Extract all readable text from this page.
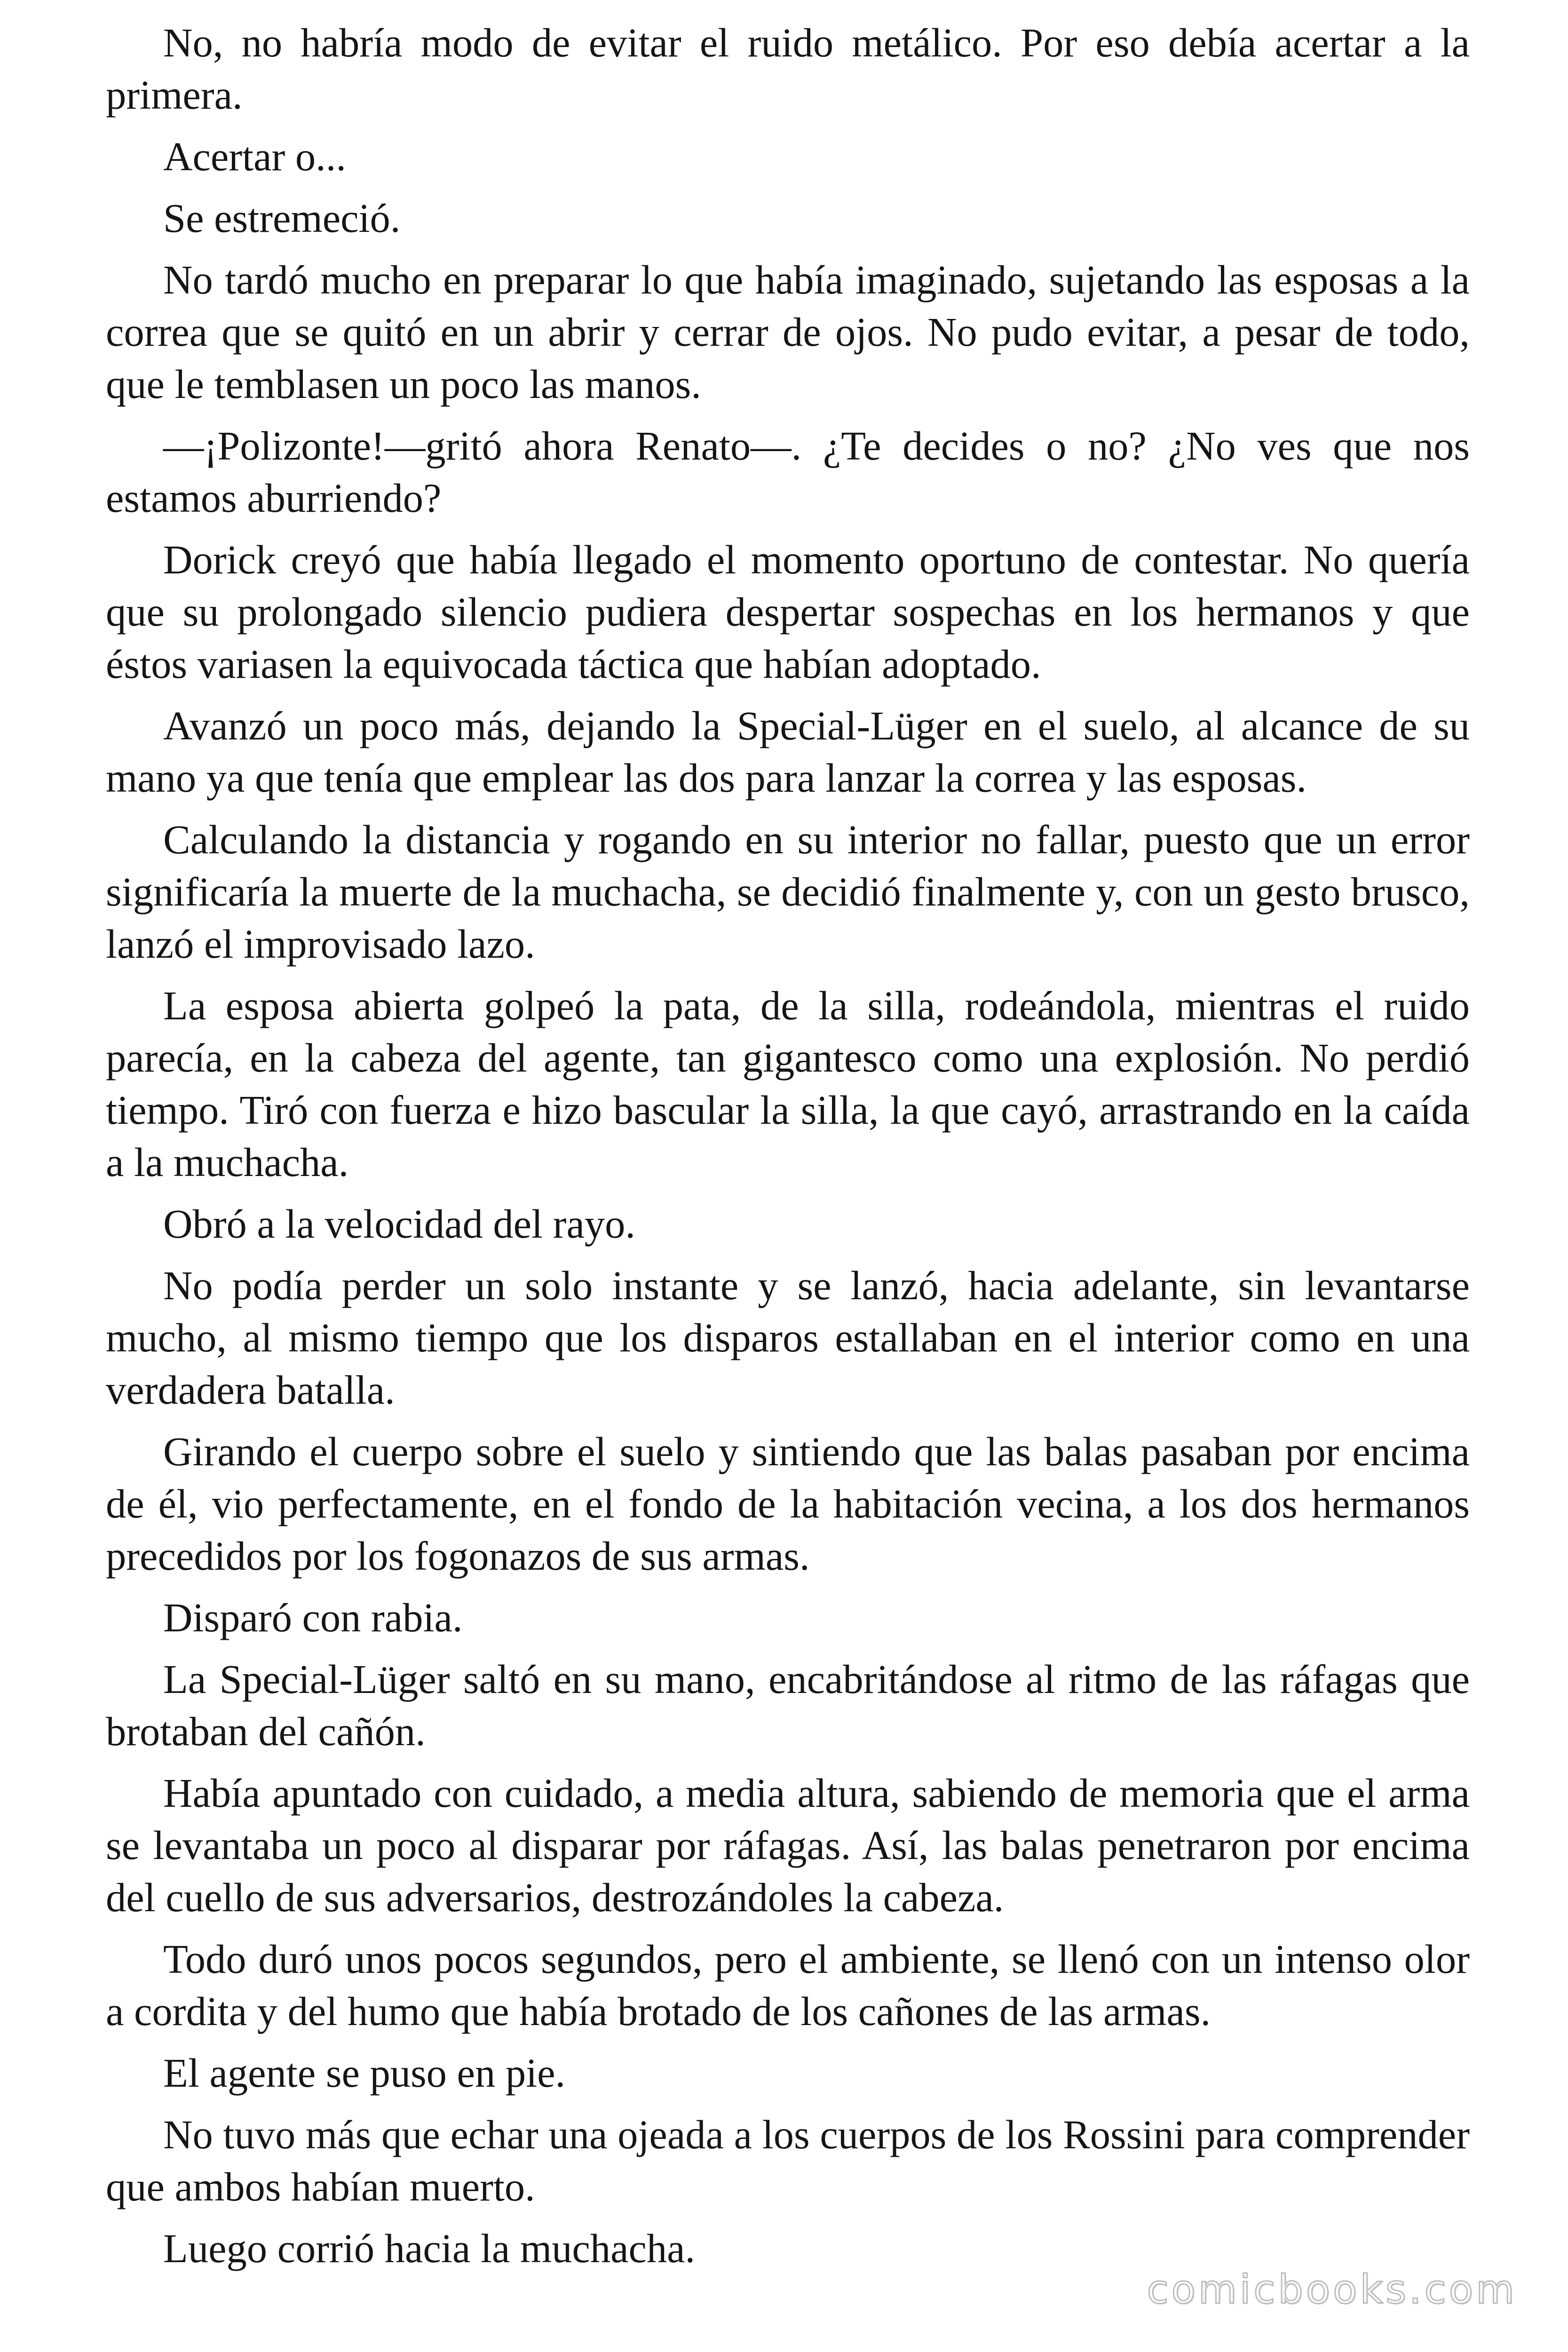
No, no habría modo de evitar el ruido metálico. Por eso debía acertar a la primera.

Acertar o...

Se estremeció.

No tardó mucho en preparar lo que había imaginado, sujetando las esposas a la correa que se quitó en un abrir y cerrar de ojos. No pudo evitar, a pesar de todo, que le temblasen un poco las manos.

—¡Polizonte!—gritó ahora Renato—. ¿Te decides o no? ¿No ves que nos estamos aburriendo?

Dorick creyó que había llegado el momento oportuno de contestar. No quería que su prolongado silencio pudiera despertar sospechas en los hermanos y que éstos variasen la equivocada táctica que habían adoptado.

Avanzó un poco más, dejando la Special-Lüger en el suelo, al alcance de su mano ya que tenía que emplear las dos para lanzar la correa y las esposas.

Calculando la distancia y rogando en su interior no fallar, puesto que un error significaría la muerte de la muchacha, se decidió finalmente y, con un gesto brusco, lanzó el improvisado lazo.

La esposa abierta golpeó la pata, de la silla, rodeándola, mientras el ruido parecía, en la cabeza del agente, tan gigantesco como una explosión. No perdió tiempo. Tiró con fuerza e hizo bascular la silla, la que cayó, arrastrando en la caída a la muchacha.

Obró a la velocidad del rayo.

No podía perder un solo instante y se lanzó, hacia adelante, sin levantarse mucho, al mismo tiempo que los disparos estallaban en el interior como en una verdadera batalla.

Girando el cuerpo sobre el suelo y sintiendo que las balas pasaban por encima de él, vio perfectamente, en el fondo de la habitación vecina, a los dos hermanos precedidos por los fogonazos de sus armas.

Disparó con rabia.

La Special-Lüger saltó en su mano, encabritándose al ritmo de las ráfagas que brotaban del cañón.

Había apuntado con cuidado, a media altura, sabiendo de memoria que el arma se levantaba un poco al disparar por ráfagas. Así, las balas penetraron por encima del cuello de sus adversarios, destrozándoles la cabeza.

Todo duró unos pocos segundos, pero el ambiente, se llenó con un intenso olor a cordita y del humo que había brotado de los cañones de las armas.

El agente se puso en pie.

No tuvo más que echar una ojeada a los cuerpos de los Rossini para comprender que ambos habían muerto.

Luego corrió hacia la muchacha.

comicbooks.com
